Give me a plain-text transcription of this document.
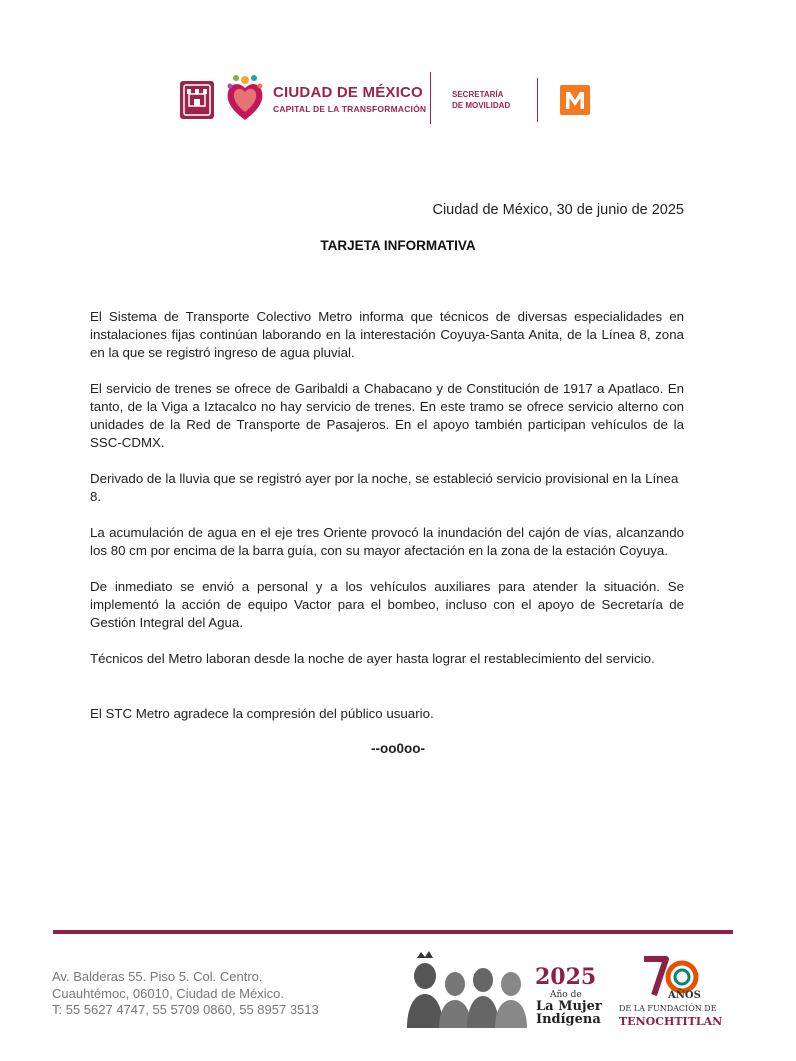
CIUDAD DE MÉXICO
CAPITAL DE LA TRANSFORMACIÓN
SECRETARÍA
DE MOVILIDAD
Ciudad de México, 30 de junio de 2025
TARJETA INFORMATIVA

El Sistema de Transporte Colectivo Metro informa que técnicos de diversas especialidades en instalaciones fijas continúan laborando en la interestación Coyuya-Santa Anita, de la Línea 8, zona en la que se registró ingreso de agua pluvial.

El servicio de trenes se ofrece de Garibaldi a Chabacano y de Constitución de 1917 a Apatlaco. En tanto, de la Viga a Iztacalco no hay servicio de trenes. En este tramo se ofrece servicio alterno con unidades de la Red de Transporte de Pasajeros. En el apoyo también participan vehículos de la SSC-CDMX.

Derivado de la lluvia que se registró ayer por la noche, se estableció servicio provisional en la Línea 8.

La acumulación de agua en el eje tres Oriente provocó la inundación del cajón de vías, alcanzando los 80 cm por encima de la barra guía, con su mayor afectación en la zona de la estación Coyuya.

De inmediato se envió a personal y a los vehículos auxiliares para atender la situación. Se implementó la acción de equipo Vactor para el bombeo, incluso con el apoyo de Secretaría de Gestión Integral del Agua.

Técnicos del Metro laboran desde la noche de ayer hasta lograr el restablecimiento del servicio.

El STC Metro agradece la compresión del público usuario.
--oo0oo-
Av. Balderas 55. Piso 5. Col. Centro.
Cuauhtémoc, 06010, Ciudad de México.
T: 55 5627 4747, 55 5709 0860, 55 8957 3513
2025
Año de
La Mujer
Indígena
AÑOS
DE LA FUNDACIÓN DE
TENOCHTITLAN
